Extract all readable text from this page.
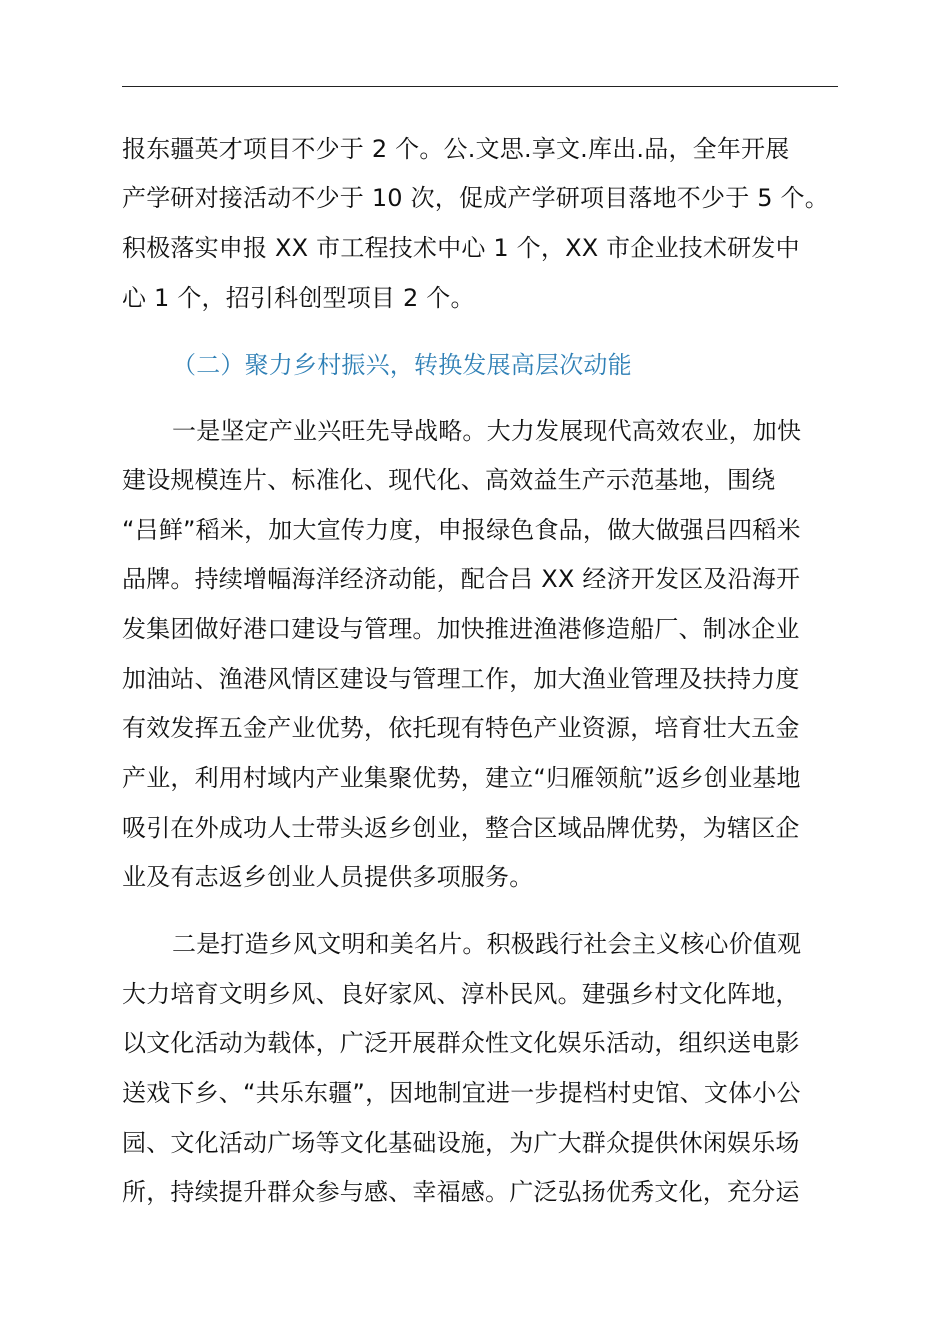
报东疆英才项目不少于 2 个。公.文思.享文.库出.品，全年开展
产学研对接活动不少于 10 次，促成产学研项目落地不少于 5 个。
积极落实申报 XX 市工程技术中心 1 个，XX 市企业技术研发中
心 1 个，招引科创型项目 2 个。
（二）聚力乡村振兴，转换发展高层次动能
一是坚定产业兴旺先导战略。大力发展现代高效农业，加快
建设规模连片、标准化、现代化、高效益生产示范基地，围绕
“吕鲜”稻米，加大宣传力度，申报绿色食品，做大做强吕四稻米
品牌。持续增幅海洋经济动能，配合吕 XX 经济开发区及沿海开
发集团做好港口建设与管理。加快推进渔港修造船厂、制冰企业
加油站、渔港风情区建设与管理工作，加大渔业管理及扶持力度
有效发挥五金产业优势，依托现有特色产业资源，培育壮大五金
产业，利用村域内产业集聚优势，建立“归雁领航”返乡创业基地
吸引在外成功人士带头返乡创业，整合区域品牌优势，为辖区企
业及有志返乡创业人员提供多项服务。
二是打造乡风文明和美名片。积极践行社会主义核心价值观
大力培育文明乡风、良好家风、淳朴民风。建强乡村文化阵地，
以文化活动为载体，广泛开展群众性文化娱乐活动，组织送电影
送戏下乡、“共乐东疆”，因地制宜进一步提档村史馆、文体小公
园、文化活动广场等文化基础设施，为广大群众提供休闲娱乐场
所，持续提升群众参与感、幸福感。广泛弘扬优秀文化，充分运
